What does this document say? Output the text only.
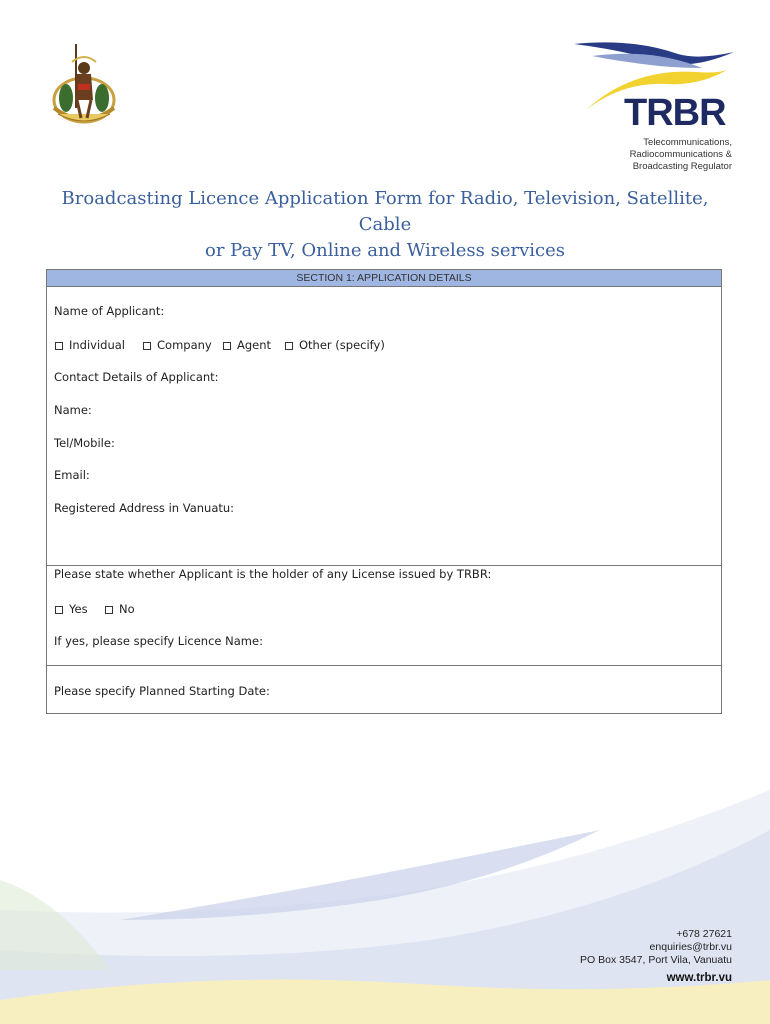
TRBR
Telecommunications,
Radiocommunications &
Broadcasting Regulator
Broadcasting Licence Application Form for Radio, Television, Satellite, Cable
or Pay TV, Online and Wireless services
SECTION 1: APPLICATION DETAILS
Name of Applicant:
Individual	Company	Agent	Other (specify)
Contact Details of Applicant:
Name:
Tel/Mobile:
Email:
Registered Address in Vanuatu:
Please state whether Applicant is the holder of any License issued by TRBR:
Yes	No
If yes, please specify Licence Name:
Please specify Planned Starting Date:
+678 27621
enquiries@trbr.vu
PO Box 3547, Port Vila, Vanuatu
www.trbr.vu
